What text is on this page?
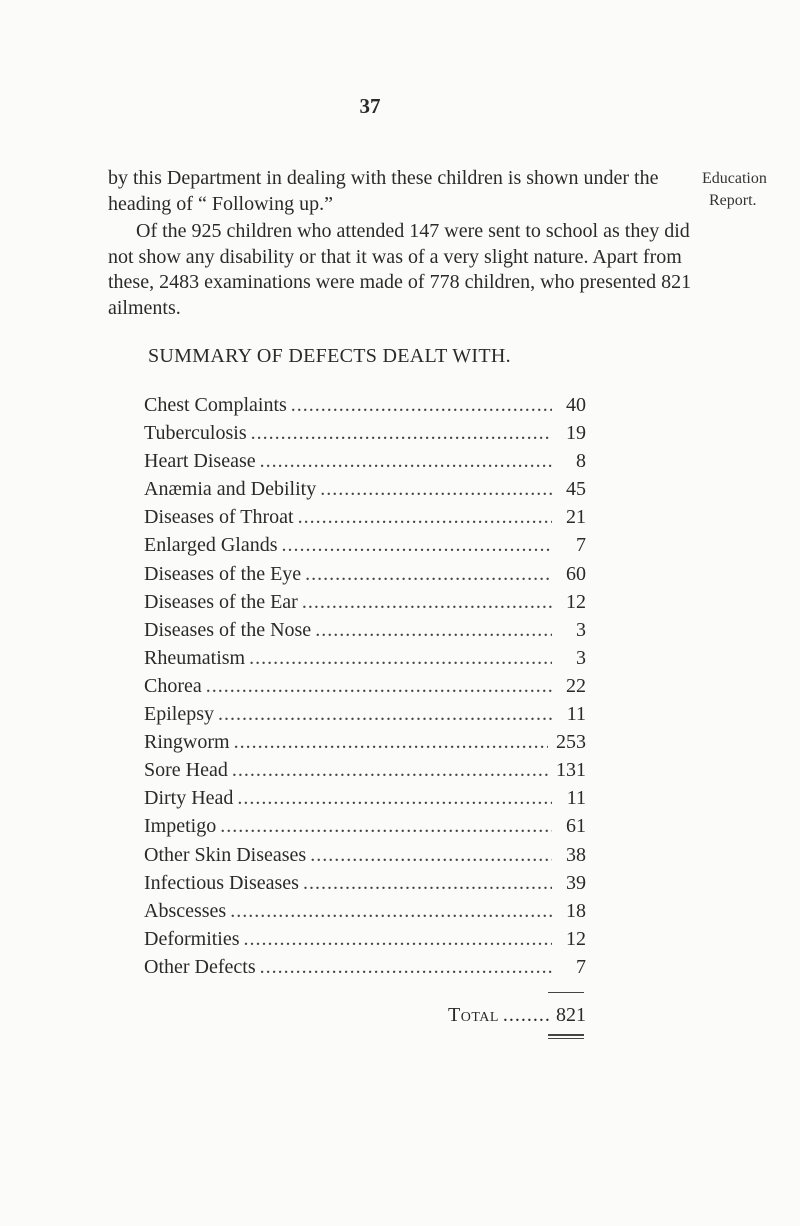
37
Education
Report.

by this Department in dealing with these children is shown under the heading of “ Following up.”

Of the 925 children who attended 147 were sent to school as they did not show any disability or that it was of a very slight nature. Apart from these, 2483 examinations were made of 778 children, who presented 821 ailments.

SUMMARY OF DEFECTS DEALT WITH.
Chest Complaints .....	40
Tuberculosis .....	19
Heart Disease .....	8
Anæmia and Debility .....	45
Diseases of Throat .....	21
Enlarged Glands .....	7
Diseases of the Eye .....	60
Diseases of the Ear .....	12
Diseases of the Nose .....	3
Rheumatism .....	3
Chorea .....	22
Epilepsy .....	11
Ringworm .....	253
Sore Head .....	131
Dirty Head .....	11
Impetigo .....	61
Other Skin Diseases .....	38
Infectious Diseases .....	39
Abscesses .....	18
Deformities .....	12
Other Defects .....	7
Total .....	821
